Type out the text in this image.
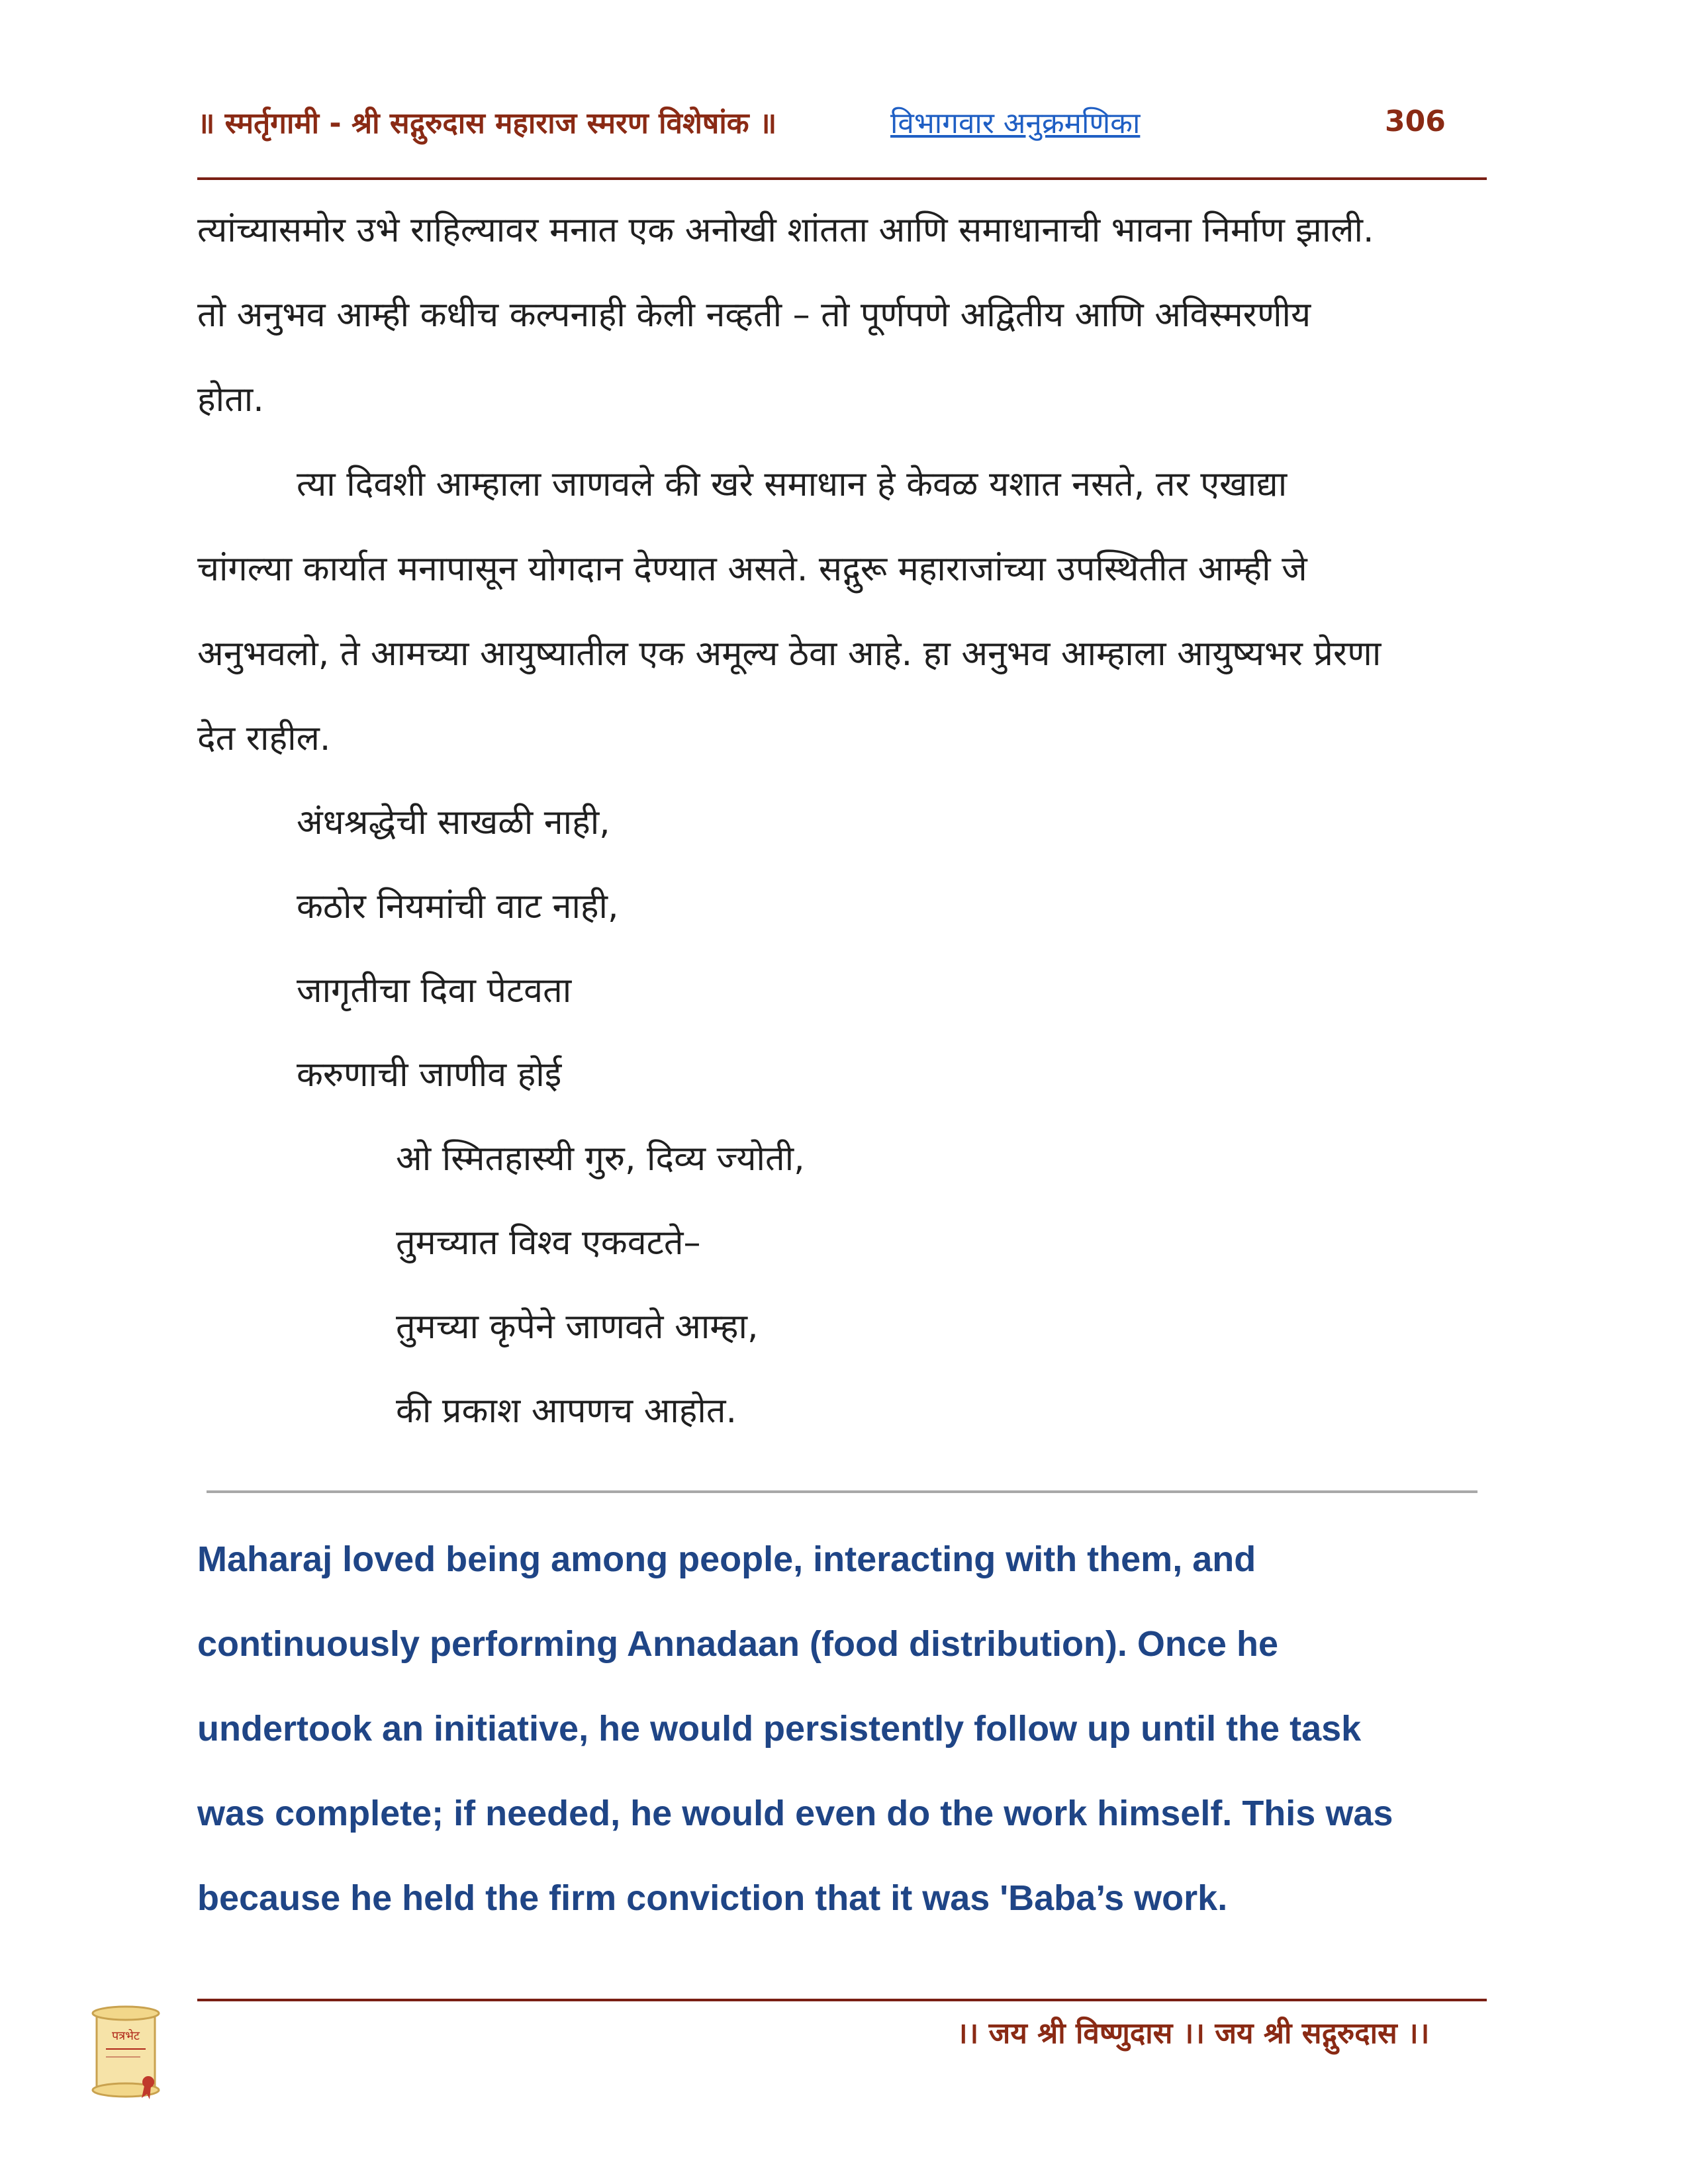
॥ स्मर्तृगामी - श्री सद्गुरुदास महाराज स्मरण विशेषांक ॥	विभागवार अनुक्रमणिका	306
त्यांच्यासमोर उभे राहिल्यावर मनात एक अनोखी शांतता आणि समाधानाची भावना निर्माण झाली.
तो अनुभव आम्ही कधीच कल्पनाही केली नव्हती – तो पूर्णपणे अद्वितीय आणि अविस्मरणीय
होता.
त्या दिवशी आम्हाला जाणवले की खरे समाधान हे केवळ यशात नसते, तर एखाद्या
चांगल्या कार्यात मनापासून योगदान देण्यात असते. सद्गुरू महाराजांच्या उपस्थितीत आम्ही जे
अनुभवलो, ते आमच्या आयुष्यातील एक अमूल्य ठेवा आहे. हा अनुभव आम्हाला आयुष्यभर प्रेरणा
देत राहील.
अंधश्रद्धेची साखळी नाही,
कठोर नियमांची वाट नाही,
जागृतीचा दिवा पेटवता
करुणाची जाणीव होई
ओ स्मितहास्यी गुरु, दिव्य ज्योती,
तुमच्यात विश्व एकवटते–
तुमच्या कृपेने जाणवते आम्हा,
की प्रकाश आपणच आहोत.
Maharaj loved being among people, interacting with them, and
continuously performing Annadaan (food distribution). Once he
undertook an initiative, he would persistently follow up until the task
was complete; if needed, he would even do the work himself. This was
because he held the firm conviction that it was 'Baba’s work.
।। जय श्री विष्णुदास ।। जय श्री सद्गुरुदास ।।
पत्रभेट
